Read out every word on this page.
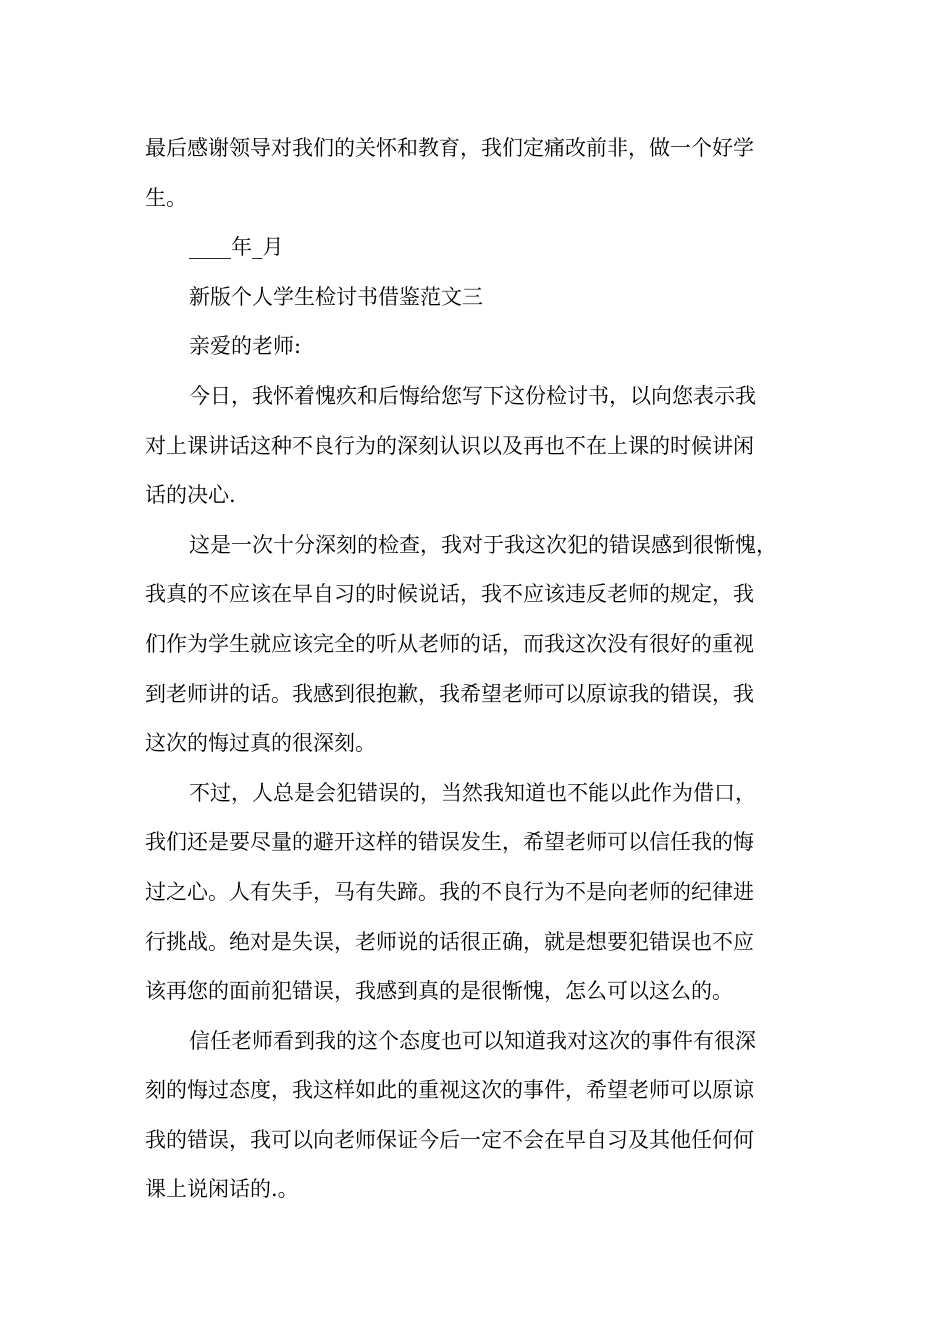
最后感谢领导对我们的关怀和教育，我们定痛改前非，做一个好学
生。
____年_月
新版个人学生检讨书借鉴范文三
亲爱的老师:
今日，我怀着愧疚和后悔给您写下这份检讨书，以向您表示我
对上课讲话这种不良行为的深刻认识以及再也不在上课的时候讲闲
话的决心.
这是一次十分深刻的检查，我对于我这次犯的错误感到很惭愧，
我真的不应该在早自习的时候说话，我不应该违反老师的规定，我
们作为学生就应该完全的听从老师的话，而我这次没有很好的重视
到老师讲的话。我感到很抱歉，我希望老师可以原谅我的错误，我
这次的悔过真的很深刻。
不过，人总是会犯错误的，当然我知道也不能以此作为借口，
我们还是要尽量的避开这样的错误发生，希望老师可以信任我的悔
过之心。人有失手，马有失蹄。我的不良行为不是向老师的纪律进
行挑战。绝对是失误，老师说的话很正确，就是想要犯错误也不应
该再您的面前犯错误，我感到真的是很惭愧，怎么可以这么的。
信任老师看到我的这个态度也可以知道我对这次的事件有很深
刻的悔过态度，我这样如此的重视这次的事件，希望老师可以原谅
我的错误，我可以向老师保证今后一定不会在早自习及其他任何何
课上说闲话的.。
